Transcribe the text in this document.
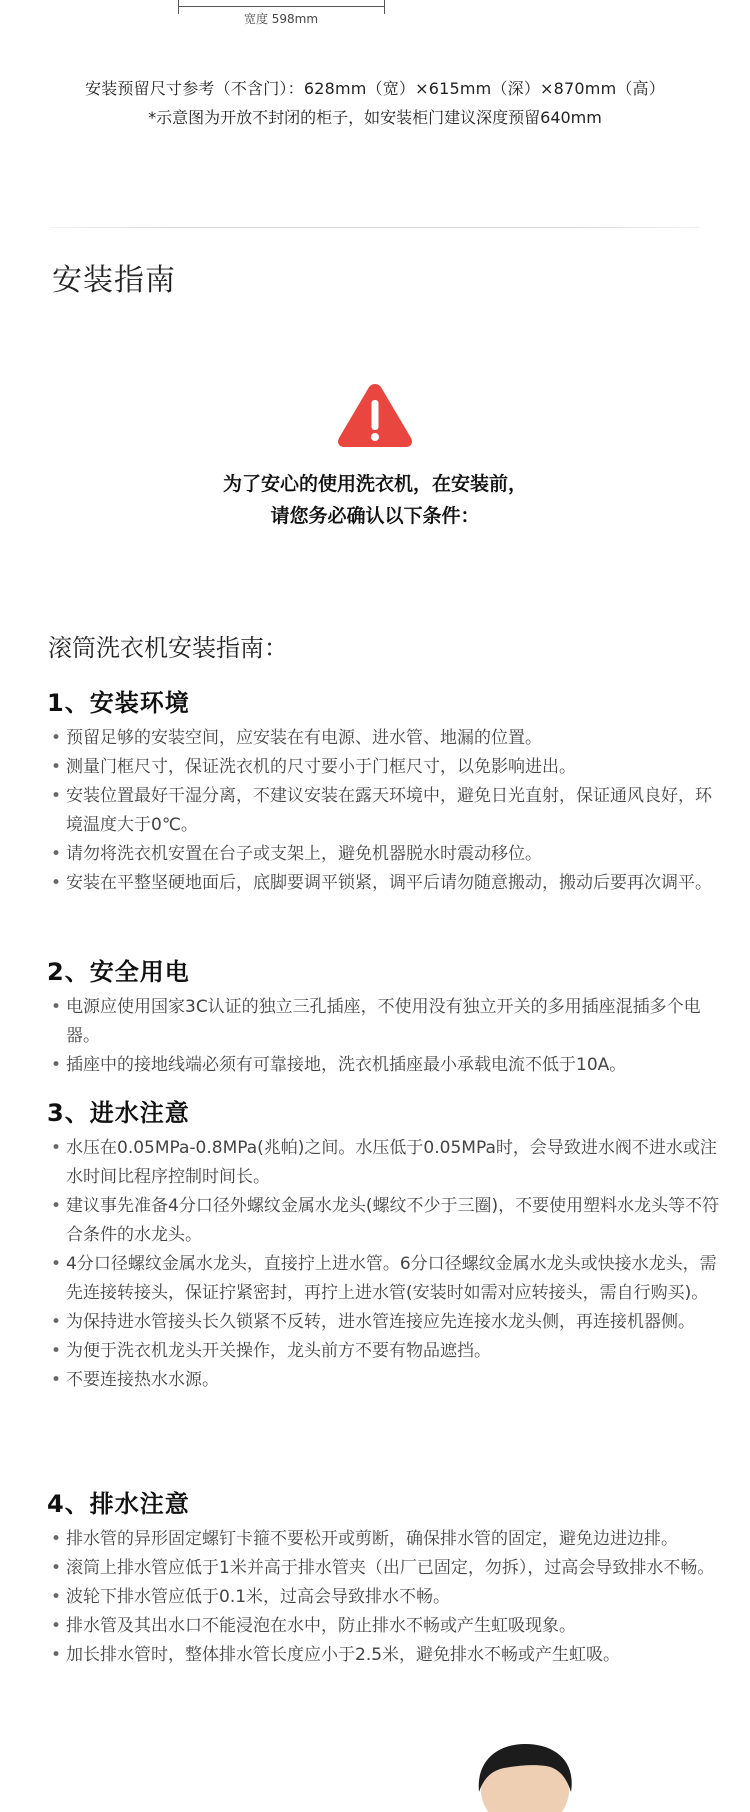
宽度 598mm
安装预留尺寸参考（不含门）：628mm（宽）×615mm（深）×870mm（高）
*示意图为开放不封闭的柜子，如安装柜门建议深度预留640mm
安装指南
为了安心的使用洗衣机，在安装前，
请您务必确认以下条件：
滚筒洗衣机安装指南：
1、安装环境
• 预留足够的安装空间，应安装在有电源、进水管、地漏的位置。
• 测量门框尺寸，保证洗衣机的尺寸要小于门框尺寸，以免影响进出。
• 安装位置最好干湿分离，不建议安装在露天环境中，避免日光直射，保证通风良好，环境温度大于0℃。
• 请勿将洗衣机安置在台子或支架上，避免机器脱水时震动移位。
• 安装在平整坚硬地面后，底脚要调平锁紧，调平后请勿随意搬动，搬动后要再次调平。
2、安全用电
• 电源应使用国家3C认证的独立三孔插座，不使用没有独立开关的多用插座混插多个电器。
• 插座中的接地线端必须有可靠接地，洗衣机插座最小承载电流不低于10A。
3、进水注意
• 水压在0.05MPa-0.8MPa(兆帕)之间。水压低于0.05MPa时，会导致进水阀不进水或注水时间比程序控制时间长。
• 建议事先准备4分口径外螺纹金属水龙头(螺纹不少于三圈)，不要使用塑料水龙头等不符合条件的水龙头。
• 4分口径螺纹金属水龙头，直接拧上进水管。6分口径螺纹金属水龙头或快接水龙头，需先连接转接头，保证拧紧密封，再拧上进水管(安装时如需对应转接头，需自行购买)。
• 为保持进水管接头长久锁紧不反转，进水管连接应先连接水龙头侧，再连接机器侧。
• 为便于洗衣机龙头开关操作，龙头前方不要有物品遮挡。
• 不要连接热水水源。
4、排水注意
• 排水管的异形固定螺钉卡箍不要松开或剪断，确保排水管的固定，避免边进边排。
• 滚筒上排水管应低于1米并高于排水管夹（出厂已固定，勿拆），过高会导致排水不畅。
• 波轮下排水管应低于0.1米，过高会导致排水不畅。
• 排水管及其出水口不能浸泡在水中，防止排水不畅或产生虹吸现象。
• 加长排水管时，整体排水管长度应小于2.5米，避免排水不畅或产生虹吸。
